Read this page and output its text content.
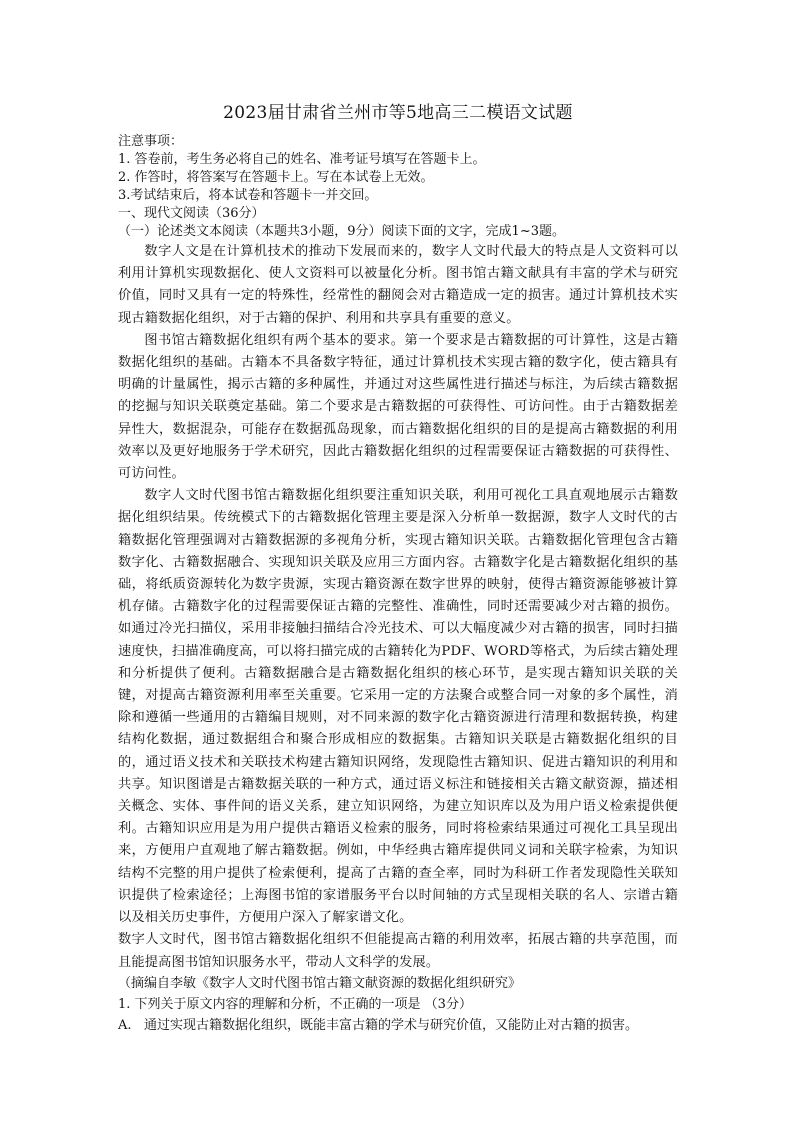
2023届甘肃省兰州市等5地高三二模语文试题
注意事项：
1. 答卷前，考生务必将自己的姓名、准考证号填写在答题卡上。
2. 作答时，将答案写在答题卡上。写在本试卷上无效。
3.考试结束后，将本试卷和答题卡一并交回。
一、现代文阅读（36分）
（一）论述类文本阅读（本题共3小题，9分）阅读下面的文字，完成1~3题。

数字人文是在计算机技术的推动下发展而来的，数字人文时代最大的特点是人文资料可以利用计算机实现数据化、使人文资料可以被量化分析。图书馆古籍文献具有丰富的学术与研究价值，同时又具有一定的特殊性，经常性的翻阅会对古籍造成一定的损害。通过计算机技术实现古籍数据化组织，对于古籍的保护、利用和共享具有重要的意义。

图书馆古籍数据化组织有两个基本的要求。第一个要求是古籍数据的可计算性，这是古籍数据化组织的基础。古籍本不具备数字特征，通过计算机技术实现古籍的数字化，使古籍具有明确的计量属性，揭示古籍的多种属性，并通过对这些属性进行描述与标注，为后续古籍数据的挖掘与知识关联奠定基础。第二个要求是古籍数据的可获得性、可访问性。由于古籍数据差异性大，数据混杂，可能存在数据孤岛现象，而古籍数据化组织的目的是提高古籍数据的利用效率以及更好地服务于学术研究，因此古籍数据化组织的过程需要保证古籍数据的可获得性、可访问性。

数字人文时代图书馆古籍数据化组织要注重知识关联，利用可视化工具直观地展示古籍数据化组织结果。传统模式下的古籍数据化管理主要是深入分析单一数据源，数字人文时代的古籍数据化管理强调对古籍数据源的多视角分析，实现古籍知识关联。古籍数据化管理包含古籍数字化、古籍数据融合、实现知识关联及应用三方面内容。古籍数字化是古籍数据化组织的基础，将纸质资源转化为数字贵源，实现古籍资源在数字世界的映射，使得古籍资源能够被计算机存储。古籍数字化的过程需要保证古籍的完整性、准确性，同时还需要减少对古籍的损伤。如通过冷光扫描仪，采用非接触扫描结合冷光技术、可以大幅度减少对古籍的损害，同时扫描速度快，扫描准确度高，可以将扫描完成的古籍转化为PDF、WORD等格式，为后续古籍处理和分析提供了便利。古籍数据融合是古籍数据化组织的核心环节，是实现古籍知识关联的关键，对提高古籍资源利用率至关重要。它采用一定的方法聚合或整合同一对象的多个属性，消除和遵循一些通用的古籍编目规则，对不同来源的数字化古籍资源进行清理和数据转换，构建结构化数据，通过数据组合和聚合形成相应的数据集。古籍知识关联是古籍数据化组织的目的，通过语义技术和关联技术构建古籍知识网络，发现隐性古籍知识、促进古籍知识的利用和共享。知识图谱是古籍数据关联的一种方式，通过语义标注和链接相关古籍文献资源，描述相关概念、实体、事件间的语义关系，建立知识网络，为建立知识库以及为用户语义检索提供便利。古籍知识应用是为用户提供古籍语义检索的服务，同时将检索结果通过可视化工具呈现出来，方便用户直观地了解古籍数据。例如，中华经典古籍库提供同义词和关联字检索，为知识结构不完整的用户提供了检索便利，提高了古籍的查全率，同时为科研工作者发现隐性关联知识提供了检索途径；上海图书馆的家谱服务平台以时间轴的方式呈现相关联的名人、宗谱古籍以及相关历史事件，方便用户深入了解家谱文化。

数字人文时代，图书馆古籍数据化组织不但能提高古籍的利用效率，拓展古籍的共享范围，而且能提高图书馆知识服务水平，带动人文科学的发展。

（摘编自李敏《数字人文时代图书馆古籍文献资源的数据化组织研究》
1. 下列关于原文内容的理解和分析，不正确的一项是 （3分）
A. 通过实现古籍数据化组织，既能丰富古籍的学术与研究价值，又能防止对古籍的损害。
